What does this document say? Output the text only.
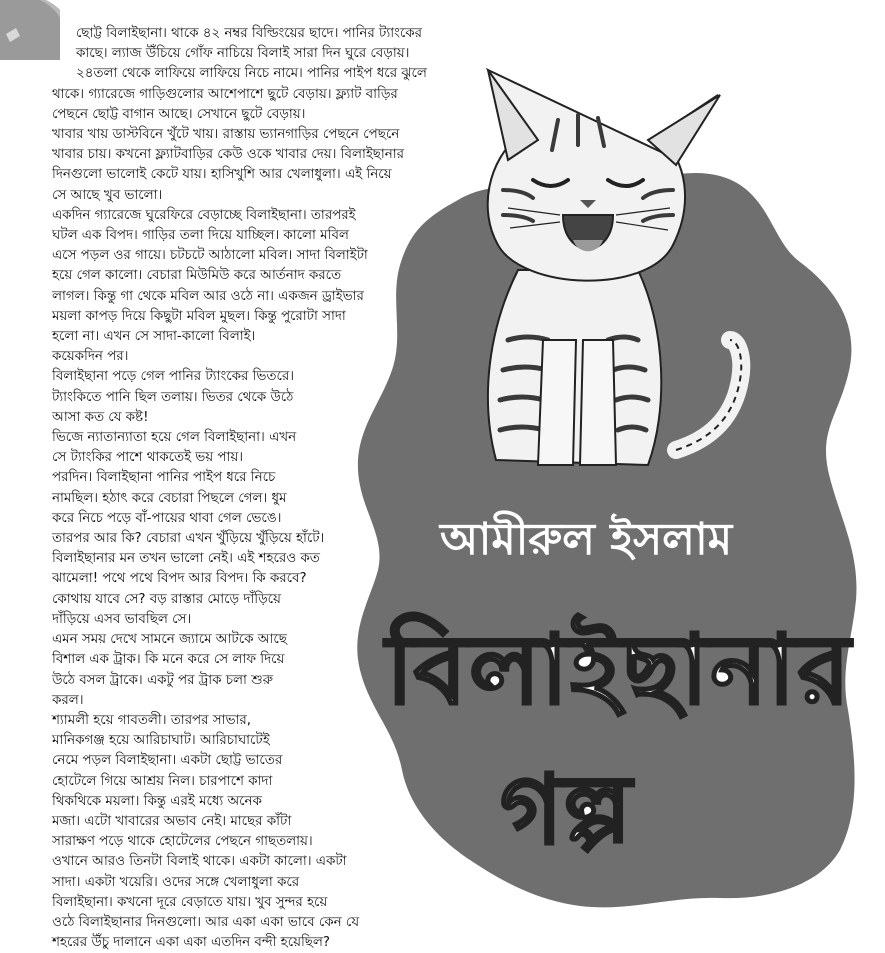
ছোট্ট বিলাইছানা। থাকে ৪২ নম্বর বিল্ডিংয়ের ছাদে। পানির ট্যাংকের

কাছে। ল্যাজ উঁচিয়ে গোঁফ নাচিয়ে বিলাই সারা দিন ঘুরে বেড়ায়।

২৪তলা থেকে লাফিয়ে লাফিয়ে নিচে নামে। পানির পাইপ ধরে ঝুলে

থাকে। গ্যারেজে গাড়িগুলোর আশেপাশে ছুটে বেড়ায়। ফ্ল্যাট বাড়ির

পেছনে ছোট্ট বাগান আছে। সেখানে ছুটে বেড়ায়।

খাবার খায় ডাস্টবিনে খুঁটে খায়। রাস্তায় ভ্যানগাড়ির পেছনে পেছনে

খাবার চায়। কখনো ফ্ল্যাটবাড়ির কেউ ওকে খাবার দেয়। বিলাইছানার

দিনগুলো ভালোই কেটে যায়। হাসিখুশি আর খেলাধুলা। এই নিয়ে

সে আছে খুব ভালো।

একদিন গ্যারেজে ঘুরেফিরে বেড়াচ্ছে বিলাইছানা। তারপরই

ঘটল এক বিপদ। গাড়ির তলা দিয়ে যাচ্ছিল। কালো মবিল

এসে পড়ল ওর গায়ে। চটচটে আঠালো মবিল। সাদা বিলাইটা

হয়ে গেল কালো। বেচারা মিউমিউ করে আর্তনাদ করতে

লাগল। কিন্তু গা থেকে মবিল আর ওঠে না। একজন ড্রাইভার

ময়লা কাপড় দিয়ে কিছুটা মবিল মুছল। কিন্তু পুরোটা সাদা

হলো না। এখন সে সাদা-কালো বিলাই।

কয়েকদিন পর।

বিলাইছানা পড়ে গেল পানির ট্যাংকের ভিতরে।

ট্যাংকিতে পানি ছিল তলায়। ভিতর থেকে উঠে

আসা কত যে কষ্ট!

ভিজে ন্যাতান্যাতা হয়ে গেল বিলাইছানা। এখন

সে ট্যাংকির পাশে থাকতেই ভয় পায়।

পরদিন। বিলাইছানা পানির পাইপ ধরে নিচে

নামছিল। হঠাৎ করে বেচারা পিছলে গেল। ধুম

করে নিচে পড়ে বাঁ-পায়ের থাবা গেল ভেঙে।

তারপর আর কি? বেচারা এখন খুঁড়িয়ে খুঁড়িয়ে হাঁটে।

বিলাইছানার মন তখন ভালো নেই। এই শহরেও কত

ঝামেলা! পথে পথে বিপদ আর বিপদ। কি করবে?

কোথায় যাবে সে? বড় রাস্তার মোড়ে দাঁড়িয়ে

দাঁড়িয়ে এসব ভাবছিল সে।

এমন সময় দেখে সামনে জ্যামে আটকে আছে

বিশাল এক ট্রাক। কি মনে করে সে লাফ দিয়ে

উঠে বসল ট্রাকে। একটু পর ট্রাক চলা শুরু

করল।

শ্যামলী হয়ে গাবতলী। তারপর সাভার,

মানিকগঞ্জ হয়ে আরিচাঘাট। আরিচাঘাটেই

নেমে পড়ল বিলাইছানা। একটা ছোট্ট ভাতের

হোটেলে গিয়ে আশ্রয় নিল। চারপাশে কাদা

থিকথিকে ময়লা। কিন্তু এরই মধ্যে অনেক

মজা। এটো খাবারের অভাব নেই। মাছের কাঁটা

সারাক্ষণ পড়ে থাকে হোটেলের পেছনে গাছতলায়।

ওখানে আরও তিনটা বিলাই থাকে। একটা কালো। একটা

সাদা। একটা খয়েরি। ওদের সঙ্গে খেলাধুলা করে

বিলাইছানা। কখনো দূরে বেড়াতে যায়। খুব সুন্দর হয়ে

ওঠে বিলাইছানার দিনগুলো। আর একা একা ভাবে কেন যে

শহরের উঁচু দালানে একা একা এতদিন বন্দী হয়েছিল?

আমীরুল ইসলাম
বিলাইছানার
গল্প
